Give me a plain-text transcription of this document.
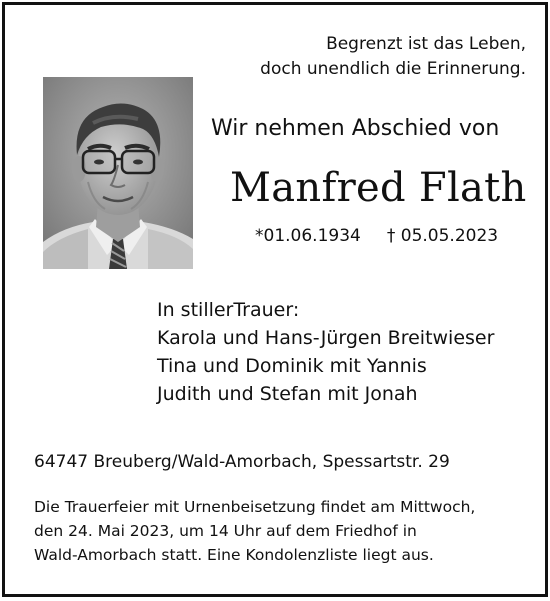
Begrenzt ist das Leben,
doch unendlich die Erinnerung.
Wir nehmen Abschied von
Manfred Flath
*01.06.1934 † 05.05.2023
In stillerTrauer:
Karola und Hans-Jürgen Breitwieser
Tina und Dominik mit Yannis
Judith und Stefan mit Jonah
64747 Breuberg/Wald-Amorbach, Spessartstr. 29
Die Trauerfeier mit Urnenbeisetzung findet am Mittwoch,
den 24. Mai 2023, um 14 Uhr auf dem Friedhof in
Wald-Amorbach statt. Eine Kondolenzliste liegt aus.
